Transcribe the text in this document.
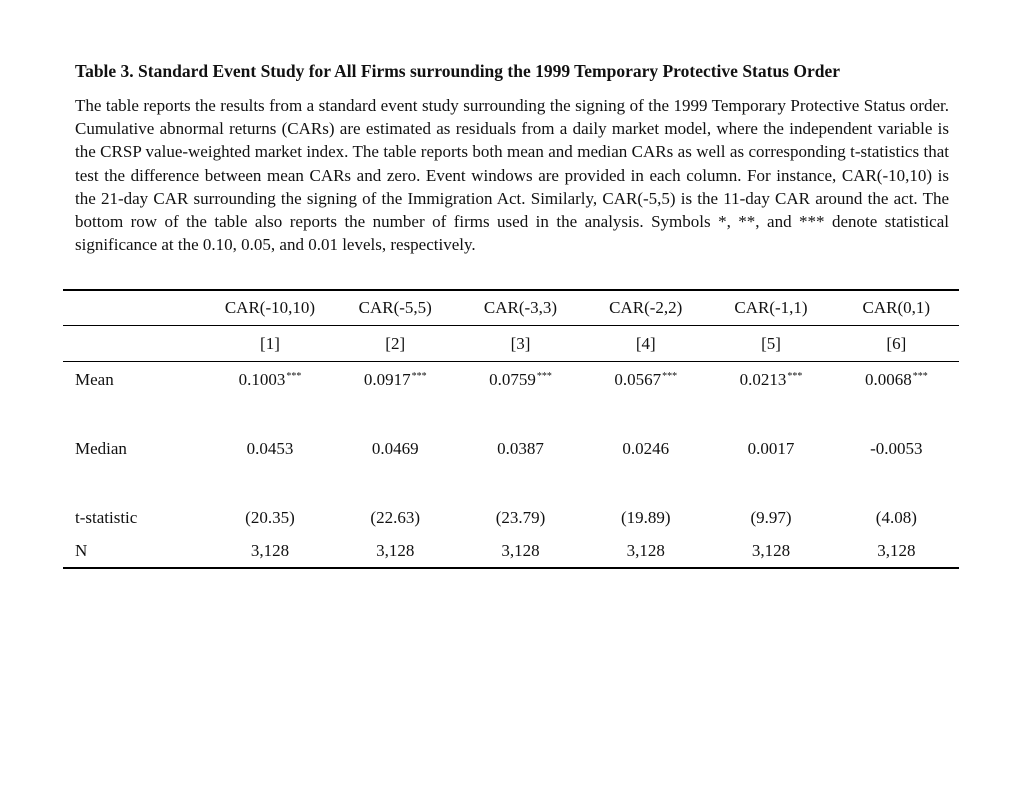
Table 3. Standard Event Study for All Firms surrounding the 1999 Temporary Protective Status Order
The table reports the results from a standard event study surrounding the signing of the 1999 Temporary Protective Status order. Cumulative abnormal returns (CARs) are estimated as residuals from a daily market model, where the independent variable is the CRSP value-weighted market index. The table reports both mean and median CARs as well as corresponding t-statistics that test the difference between mean CARs and zero. Event windows are provided in each column. For instance, CAR(-10,10) is the 21-day CAR surrounding the signing of the Immigration Act. Similarly, CAR(-5,5) is the 11-day CAR around the act. The bottom row of the table also reports the number of firms used in the analysis. Symbols *, **, and *** denote statistical significance at the 0.10, 0.05, and 0.01 levels, respectively.
	CAR(-10,10)	CAR(-5,5)	CAR(-3,3)	CAR(-2,2)	CAR(-1,1)	CAR(0,1)
	[1]	[2]	[3]	[4]	[5]	[6]
Mean	0.1003***	0.0917***	0.0759***	0.0567***	0.0213***	0.0068***

Median	0.0453	0.0469	0.0387	0.0246	0.0017	-0.0053

t-statistic	(20.35)	(22.63)	(23.79)	(19.89)	(9.97)	(4.08)
N	3,128	3,128	3,128	3,128	3,128	3,128
